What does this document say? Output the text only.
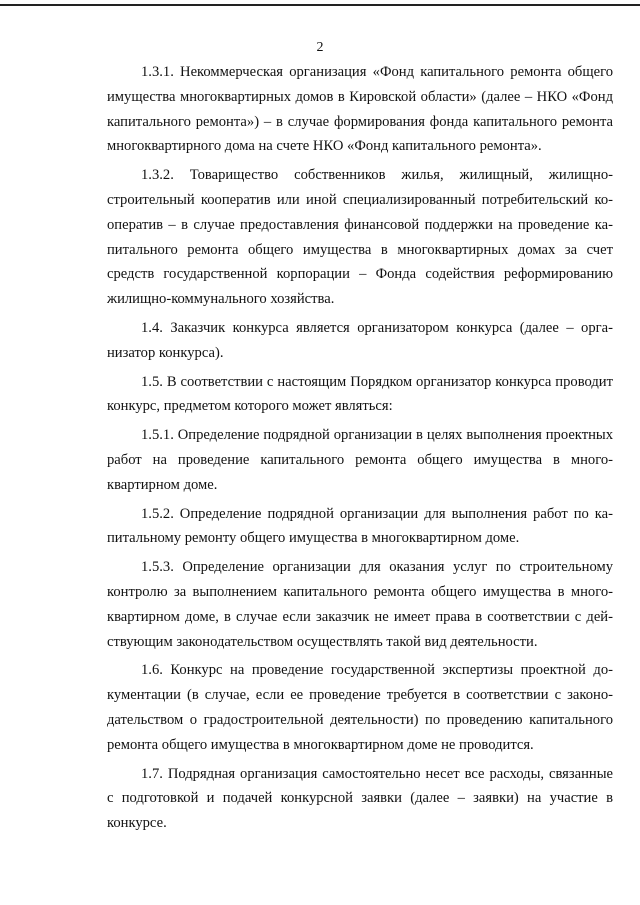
2

1.3.1. Некоммерческая организация «Фонд капитального ремонта общего имущества многоквартирных домов в Кировской области» (далее – НКО «Фонд капитального ремонта») – в случае формирования фонда капитального ремонта многоквартирного дома на счете НКО «Фонд капитального ремонта».

1.3.2. Товарищество собственников жилья, жилищный, жилищно-строительный кооператив или иной специализированный потребительский кооператив – в случае предоставления финансовой поддержки на проведение капитального ремонта общего имущества в многоквартирных домах за счет средств государственной корпорации – Фонда содействия реформированию жилищно-коммунального хозяйства.

1.4. Заказчик конкурса является организатором конкурса (далее – организатор конкурса).

1.5. В соответствии с настоящим Порядком организатор конкурса проводит конкурс, предметом которого может являться:

1.5.1. Определение подрядной организации в целях выполнения проектных работ на проведение капитального ремонта общего имущества в многоквартирном доме.

1.5.2. Определение подрядной организации для выполнения работ по капитальному ремонту общего имущества в многоквартирном доме.

1.5.3. Определение организации для оказания услуг по строительному контролю за выполнением капитального ремонта общего имущества в многоквартирном доме, в случае если заказчик не имеет права в соответствии с действующим законодательством осуществлять такой вид деятельности.

1.6. Конкурс на проведение государственной экспертизы проектной документации (в случае, если ее проведение требуется в соответствии с законодательством о градостроительной деятельности) по проведению капитального ремонта общего имущества в многоквартирном доме не проводится.

1.7. Подрядная организация самостоятельно несет все расходы, связанные с подготовкой и подачей конкурсной заявки (далее – заявки) на участие в конкурсе.
